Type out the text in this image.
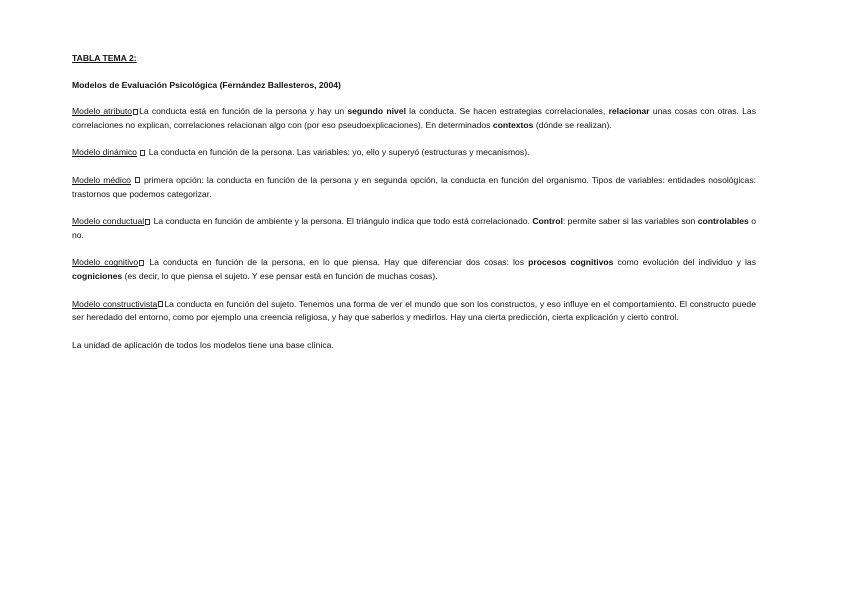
TABLA TEMA 2:
Modelos de Evaluación Psicológica (Fernández Ballesteros, 2004)

Modelo atributo La conducta está en función de la persona y hay un segundo nivel la conducta. Se hacen estrategias correlacionales, relacionar unas cosas con otras. Las correlaciones no explican, correlaciones relacionan algo con (por eso pseudoexplicaciones). En determinados contextos (dónde se realizan).

Modelo dinámico La conducta en función de la persona. Las variables: yo, ello y superyó (estructuras y mecanismos).

Modelo médico primera opción: la conducta en función de la persona y en segunda opción, la conducta en función del organismo. Tipos de variables: entidades nosológicas: trastornos que podemos categorizar.

Modelo conductual La conducta en función de ambiente y la persona. El triángulo indica que todo está correlacionado. Control: permite saber si las variables son controlables o no.

Modelo cognitivo La conducta en función de la persona, en lo que piensa. Hay que diferenciar dos cosas: los procesos cognitivos como evolución del individuo y las cogniciones (es decir, lo que piensa el sujeto. Y ese pensar está en función de muchas cosas).

Modelo constructivista La conducta en función del sujeto. Tenemos una forma de ver el mundo que son los constructos, y eso influye en el comportamiento. El constructo puede ser heredado del entorno, como por ejemplo una creencia religiosa, y hay que saberlos y medirlos. Hay una cierta predicción, cierta explicación y cierto control.

La unidad de aplicación de todos los modelos tiene una base clínica.
